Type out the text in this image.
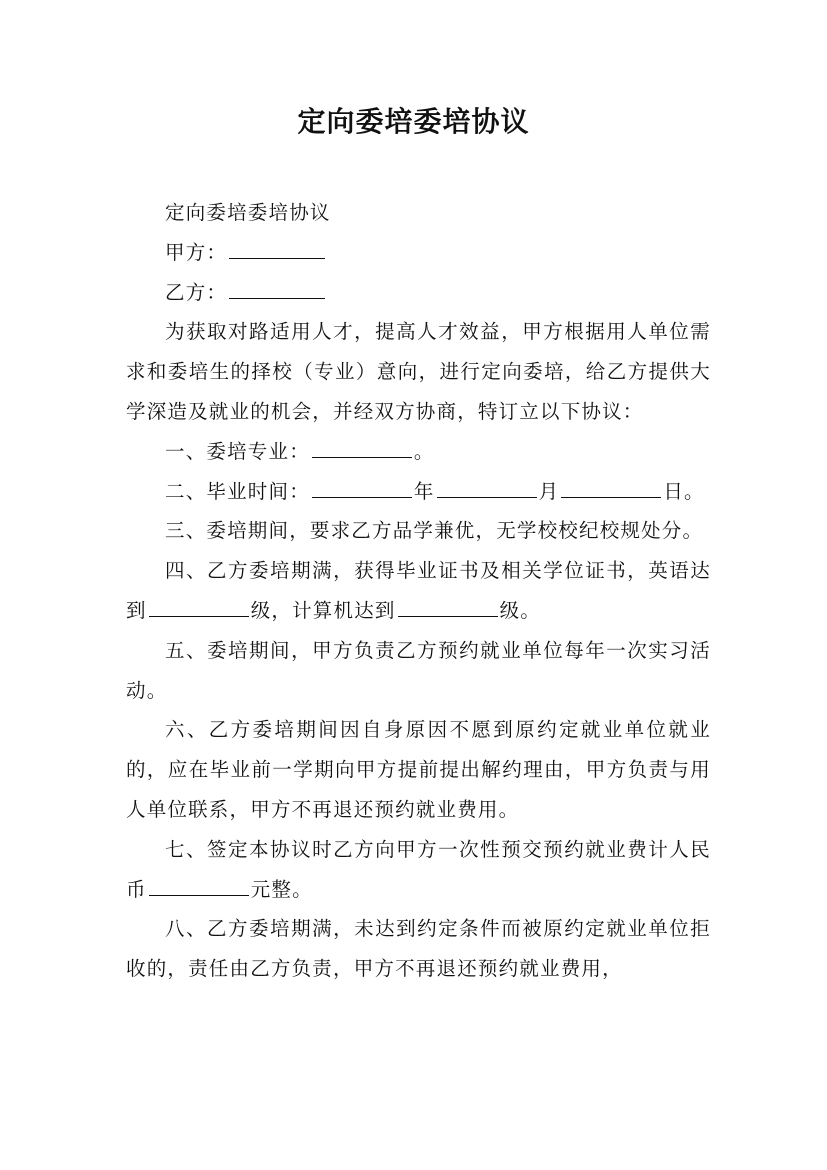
定向委培委培协议

定向委培委培协议

甲方：

乙方：

为获取对路适用人才，提高人才效益，甲方根据用人单位需求和委培生的择校（专业）意向，进行定向委培，给乙方提供大学深造及就业的机会，并经双方协商，特订立以下协议：

一、委培专业：	。

二、毕业时间：	年	月	日。

三、委培期间，要求乙方品学兼优，无学校校纪校规处分。

四、乙方委培期满，获得毕业证书及相关学位证书，英语达到	级，计算机达到	级。

五、委培期间，甲方负责乙方预约就业单位每年一次实习活动。

六、乙方委培期间因自身原因不愿到原约定就业单位就业的，应在毕业前一学期向甲方提前提出解约理由，甲方负责与用人单位联系，甲方不再退还预约就业费用。

七、签定本协议时乙方向甲方一次性预交预约就业费计人民币	元整。

八、乙方委培期满，未达到约定条件而被原约定就业单位拒收的，责任由乙方负责，甲方不再退还预约就业费用，
